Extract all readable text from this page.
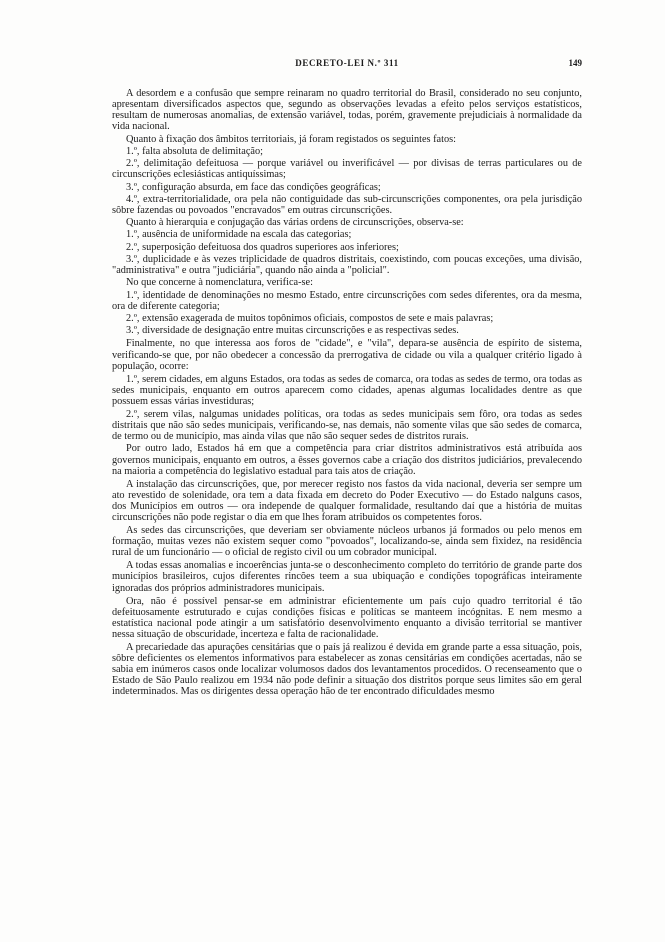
DECRETO-LEI N.º 311	149

A desordem e a confusão que sempre reinaram no quadro territorial do Brasil, considerado no seu conjunto, apresentam diversificados aspectos que, segundo as observações levadas a efeito pelos serviços estatísticos, resultam de numerosas anomalias, de extensão variável, todas, porém, gravemente prejudiciais à normalidade da vida nacional.

Quanto à fixação dos âmbitos territoriais, já foram registados os seguintes fatos:

1.º, falta absoluta de delimitação;

2.º, delimitação defeituosa — porque variável ou inverificável — por divisas de terras particulares ou de circunscrições eclesiásticas antiquíssimas;

3.º, configuração absurda, em face das condições geográficas;

4.º, extra-territorialidade, ora pela não contiguidade das sub-circunscrições componentes, ora pela jurisdição sôbre fazendas ou povoados "encravados" em outras circunscrições.

Quanto à hierarquia e conjugação das várias ordens de circunscrições, observa-se:

1.º, ausência de uniformidade na escala das categorias;

2.º, superposição defeituosa dos quadros superiores aos inferiores;

3.º, duplicidade e às vezes triplicidade de quadros distritais, coexistindo, com poucas exceções, uma divisão, "administrativa" e outra "judiciária", quando não ainda a "policial".

No que concerne à nomenclatura, verifica-se:

1.º, identidade de denominações no mesmo Estado, entre circunscrições com sedes diferentes, ora da mesma, ora de diferente categoria;

2.º, extensão exagerada de muitos topônimos oficiais, compostos de sete e mais palavras;

3.º, diversidade de designação entre muitas circunscrições e as respectivas sedes.

Finalmente, no que interessa aos foros de "cidade", e "vila", depara-se ausência de espírito de sistema, verificando-se que, por não obedecer a concessão da prerrogativa de cidade ou vila a qualquer critério ligado à população, ocorre:

1.º, serem cidades, em alguns Estados, ora todas as sedes de comarca, ora todas as sedes de termo, ora todas as sedes municipais, enquanto em outros aparecem como cidades, apenas algumas localidades dentre as que possuem essas várias investiduras;

2.º, serem vilas, nalgumas unidades políticas, ora todas as sedes municipais sem fôro, ora todas as sedes distritais que não são sedes municipais, verificando-se, nas demais, não somente vilas que são sedes de comarca, de termo ou de município, mas ainda vilas que não são sequer sedes de distritos rurais.

Por outro lado, Estados há em que a competência para criar distritos administrativos está atribuída aos governos municipais, enquanto em outros, a êsses governos cabe a criação dos distritos judiciários, prevalecendo na maioria a competência do legislativo estadual para tais atos de criação.

A instalação das circunscrições, que, por merecer registo nos fastos da vida nacional, deveria ser sempre um ato revestido de solenidade, ora tem a data fixada em decreto do Poder Executivo — do Estado nalguns casos, dos Municípios em outros — ora independe de qualquer formalidade, resultando daí que a história de muitas circunscrições não pode registar o dia em que lhes foram atribuidos os competentes foros.

As sedes das circunscrições, que deveriam ser obviamente núcleos urbanos já formados ou pelo menos em formação, muitas vezes não existem sequer como "povoados", localizando-se, ainda sem fixidez, na residência rural de um funcionário — o oficial de registo civil ou um cobrador municipal.

A todas essas anomalias e incoerências junta-se o desconhecimento completo do território de grande parte dos municípios brasileiros, cujos diferentes rincões teem a sua ubiquação e condições topográficas inteiramente ignoradas dos próprios administradores municipais.

Ora, não é possível pensar-se em administrar eficientemente um país cujo quadro territorial é tão defeituosamente estruturado e cujas condições físicas e políticas se manteem incógnitas. E nem mesmo a estatística nacional pode atingir a um satisfatório desenvolvimento enquanto a divisão territorial se mantiver nessa situação de obscuridade, incerteza e falta de racionalidade.

A precariedade das apurações censitárias que o país já realizou é devida em grande parte a essa situação, pois, sôbre deficientes os elementos informativos para estabelecer as zonas censitárias em condições acertadas, não se sabia em inúmeros casos onde localizar volumosos dados dos levantamentos procedidos. O recenseamento que o Estado de São Paulo realizou em 1934 não pode definir a situação dos distritos porque seus limites são em geral indeterminados. Mas os dirigentes dessa operação hão de ter encontrado dificuldades mesmo
